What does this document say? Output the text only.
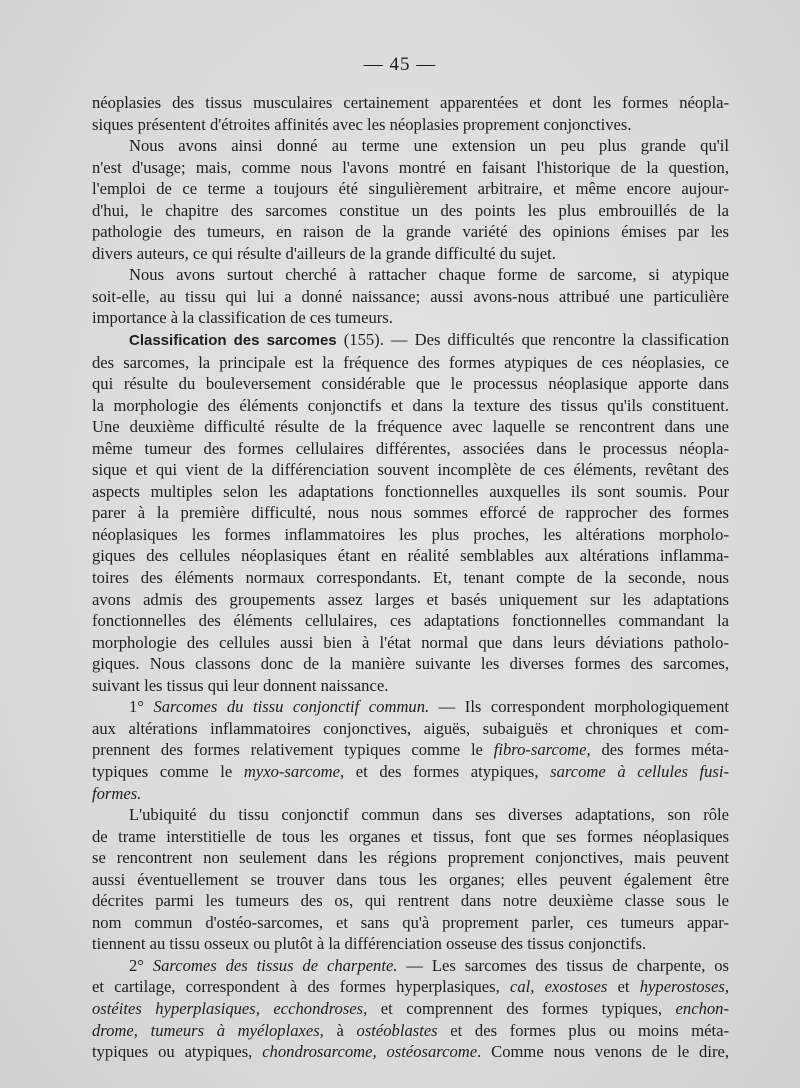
— 45 —
néoplasies des tissus musculaires certainement apparentées et dont les formes néopla-
siques présentent d'étroites affinités avec les néoplasies proprement conjonctives.
Nous avons ainsi donné au terme une extension un peu plus grande qu'il
n'est d'usage; mais, comme nous l'avons montré en faisant l'historique de la question,
l'emploi de ce terme a toujours été singulièrement arbitraire, et même encore aujour-
d'hui, le chapitre des sarcomes constitue un des points les plus embrouillés de la
pathologie des tumeurs, en raison de la grande variété des opinions émises par les
divers auteurs, ce qui résulte d'ailleurs de la grande difficulté du sujet.
Nous avons surtout cherché à rattacher chaque forme de sarcome, si atypique
soit-elle, au tissu qui lui a donné naissance; aussi avons-nous attribué une particulière
importance à la classification de ces tumeurs.
Classification des sarcomes (155). — Des difficultés que rencontre la classification
des sarcomes, la principale est la fréquence des formes atypiques de ces néoplasies, ce
qui résulte du bouleversement considérable que le processus néoplasique apporte dans
la morphologie des éléments conjonctifs et dans la texture des tissus qu'ils constituent.
Une deuxième difficulté résulte de la fréquence avec laquelle se rencontrent dans une
même tumeur des formes cellulaires différentes, associées dans le processus néopla-
sique et qui vient de la différenciation souvent incomplète de ces éléments, revêtant des
aspects multiples selon les adaptations fonctionnelles auxquelles ils sont soumis. Pour
parer à la première difficulté, nous nous sommes efforcé de rapprocher des formes
néoplasiques les formes inflammatoires les plus proches, les altérations morpholo-
giques des cellules néoplasiques étant en réalité semblables aux altérations inflamma-
toires des éléments normaux correspondants. Et, tenant compte de la seconde, nous
avons admis des groupements assez larges et basés uniquement sur les adaptations
fonctionnelles des éléments cellulaires, ces adaptations fonctionnelles commandant la
morphologie des cellules aussi bien à l'état normal que dans leurs déviations patholo-
giques. Nous classons donc de la manière suivante les diverses formes des sarcomes,
suivant les tissus qui leur donnent naissance.
1° Sarcomes du tissu conjonctif commun. — Ils correspondent morphologiquement
aux altérations inflammatoires conjonctives, aiguës, subaiguës et chroniques et com-
prennent des formes relativement typiques comme le fibro-sarcome, des formes méta-
typiques comme le myxo-sarcome, et des formes atypiques, sarcome à cellules fusi-
formes.
L'ubiquité du tissu conjonctif commun dans ses diverses adaptations, son rôle
de trame interstitielle de tous les organes et tissus, font que ses formes néoplasiques
se rencontrent non seulement dans les régions proprement conjonctives, mais peuvent
aussi éventuellement se trouver dans tous les organes; elles peuvent également être
décrites parmi les tumeurs des os, qui rentrent dans notre deuxième classe sous le
nom commun d'ostéo-sarcomes, et sans qu'à proprement parler, ces tumeurs appar-
tiennent au tissu osseux ou plutôt à la différenciation osseuse des tissus conjonctifs.
2° Sarcomes des tissus de charpente. — Les sarcomes des tissus de charpente, os
et cartilage, correspondent à des formes hyperplasiques, cal, exostoses et hyperostoses,
ostéites hyperplasiques, ecchondroses, et comprennent des formes typiques, enchon-
drome, tumeurs à myéloplaxes, à ostéoblastes et des formes plus ou moins méta-
typiques ou atypiques, chondrosarcome, ostéosarcome. Comme nous venons de le dire,
